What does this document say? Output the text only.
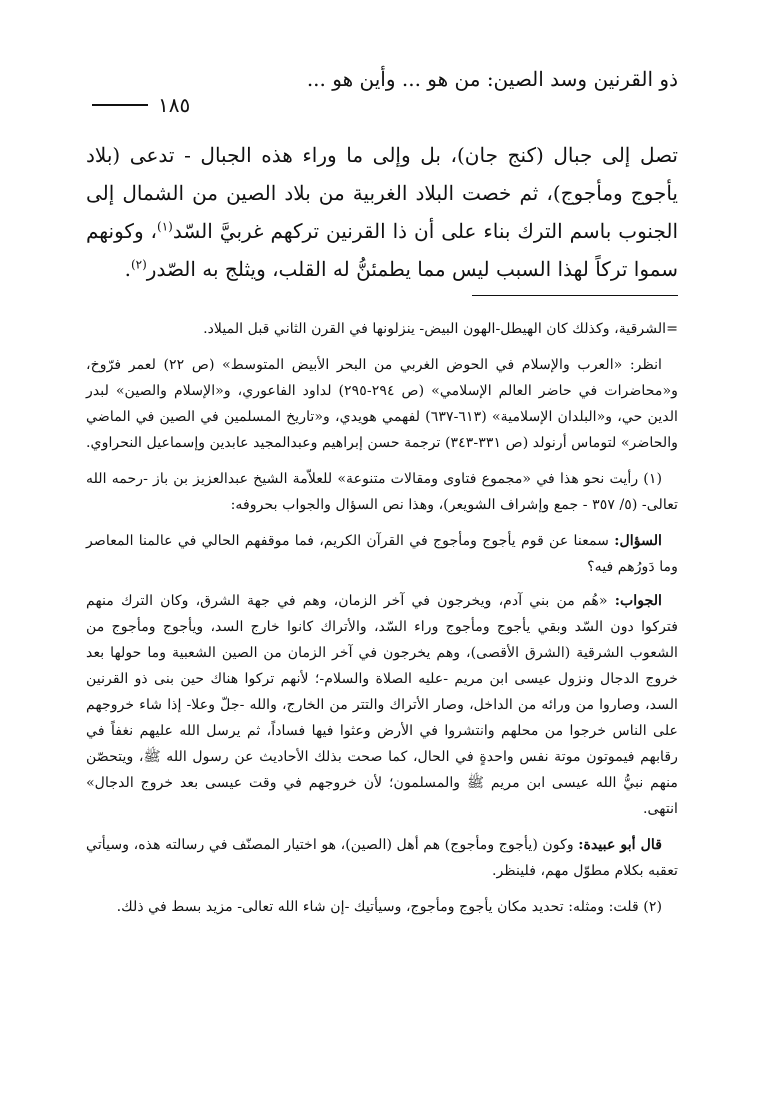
ذو القرنين وسد الصين: من هو ... وأين هو ...
١٨٥

تصل إلى جبال (كنج جان)، بل وإلى ما وراء هذه الجبال - تدعى (بلاد يأجوج ومأجوج)، ثم خصت البلاد الغربية من بلاد الصين من الشمال إلى الجنوب باسم الترك بناء على أن ذا القرنين تركهم غربيَّ السّد$^{(١)}$، وكونهم سموا تركاً لهذا السبب ليس مما يطمئنُّ له القلب، ويثلج به الصّدر$^{(٢)}$.

=الشرقية، وكذلك كان الهيطل-الهون البيض- ينزلونها في القرن الثاني قبل الميلاد.

انظر: «العرب والإسلام في الحوض الغربي من البحر الأبيض المتوسط» (ص ٢٢) لعمر فرّوخ، و«محاضرات في حاضر العالم الإسلامي» (ص ٢٩٤-٢٩٥) لداود الفاعوري، و«الإسلام والصين» لبدر الدين حي، و«البلدان الإسلامية» (٦١٣-٦٣٧) لفهمي هويدي، و«تاريخ المسلمين في الصين في الماضي والحاضر» لتوماس أرنولد (ص ٣٣١-٣٤٣) ترجمة حسن إبراهيم وعبدالمجيد عابدين وإسماعيل النحراوي.

(١) رأيت نحو هذا في «مجموع فتاوى ومقالات متنوعة» للعلاّمة الشيخ عبدالعزيز بن باز -رحمه الله تعالى- (٥/ ٣٥٧ - جمع وإشراف الشويعر)، وهذا نص السؤال والجواب بحروفه:

السؤال: سمعنا عن قوم يأجوج ومأجوج في القرآن الكريم، فما موقفهم الحالي في عالمنا المعاصر وما دَورُهم فيه؟

الجواب: «هُم من بني آدم، ويخرجون في آخر الزمان، وهم في جهة الشرق، وكان الترك منهم فتركوا دون السّد وبقي يأجوج ومأجوج وراء السّد، والأتراك كانوا خارج السد، ويأجوج ومأجوج من الشعوب الشرقية (الشرق الأقصى)، وهم يخرجون في آخر الزمان من الصين الشعبية وما حولها بعد خروج الدجال ونزول عيسى ابن مريم -عليه الصلاة والسلام-؛ لأنهم تركوا هناك حين بنى ذو القرنين السد، وصاروا من ورائه من الداخل، وصار الأتراك والتتر من الخارج، والله -جلّ وعلا- إذا شاء خروجهم على الناس خرجوا من محلهم وانتشروا في الأرض وعثوا فيها فساداً، ثم يرسل الله عليهم نغفاً في رقابهم فيموتون موتة نفس واحدةٍ في الحال، كما صحت بذلك الأحاديث عن رسول الله ﷺ، ويتحصّن منهم نبيُّ الله عيسى ابن مريم ﷺ والمسلمون؛ لأن خروجهم في وقت عيسى بعد خروج الدجال» انتهى.

قال أبو عبيدة: وكون (يأجوج ومأجوج) هم أهل (الصين)، هو اختيار المصنّف في رسالته هذه، وسيأتي تعقبه بكلام مطوّل مهم، فلينظر.

(٢) قلت: ومثله: تحديد مكان يأجوج ومأجوج، وسيأتيك -إن شاء الله تعالى- مزيد بسط في ذلك.
